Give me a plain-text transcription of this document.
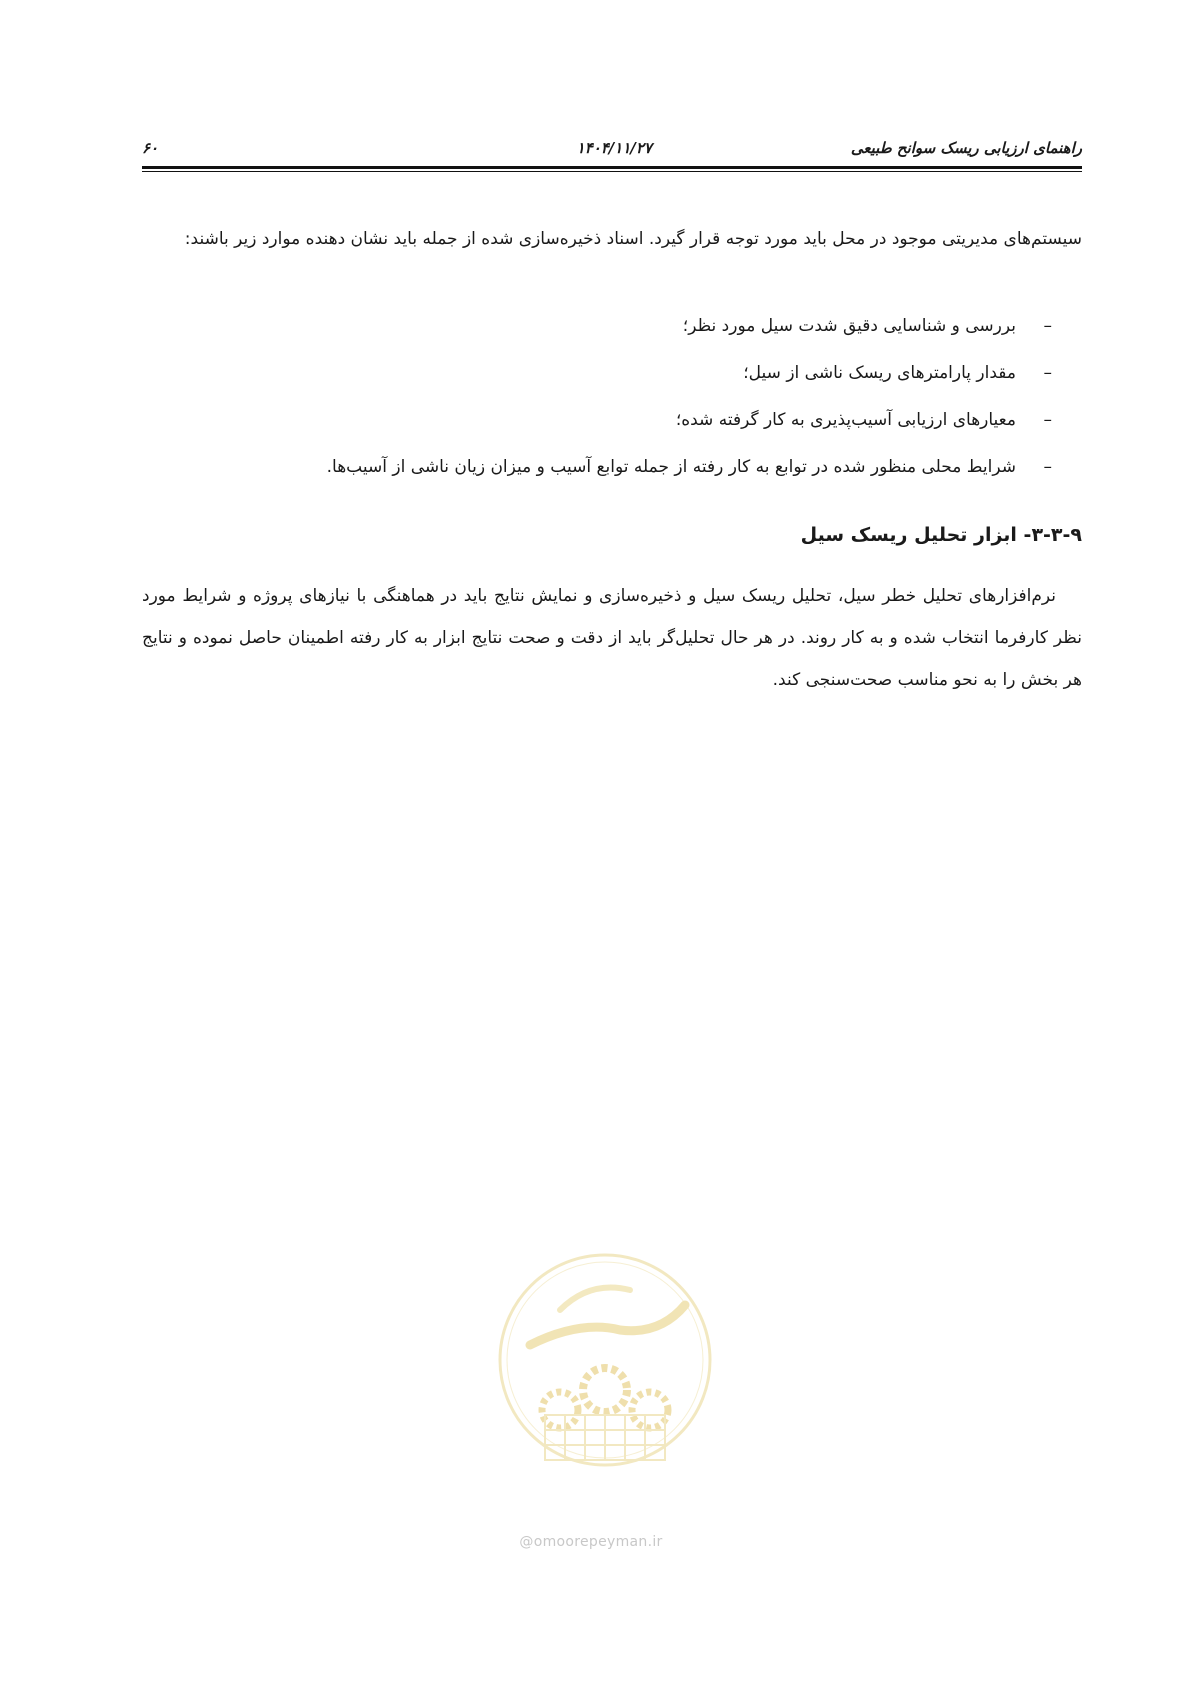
راهنمای ارزیابی ریسک سوانح طبیعی
۱۴۰۴/۱۱/۲۷
۶۰
سیستم‌های مدیریتی موجود در محل باید مورد توجه قرار گیرد. اسناد ذخیره‌سازی شده از جمله باید نشان دهنده موارد زیر باشند:
–
بررسی و شناسایی دقیق شدت سیل مورد نظر؛
–
مقدار پارامترهای ریسک ناشی از سیل؛
–
معیارهای ارزیابی آسیب‌پذیری به کار گرفته شده؛
–
شرایط محلی منظور شده در توابع به کار رفته از جمله توابع آسیب و میزان زیان ناشی از آسیب‌ها.
۳-۳-۹- ابزار تحلیل ریسک سیل
نرم‌افزارهای تحلیل خطر سیل، تحلیل ریسک سیل و ذخیره‌سازی و نمایش نتایج باید در هماهنگی با نیازهای پروژه و شرایط مورد نظر کارفرما انتخاب شده و به کار روند. در هر حال تحلیل‌گر باید از دقت و صحت نتایج ابزار به کار رفته اطمینان حاصل نموده و نتایج هر بخش را به نحو مناسب صحت‌سنجی کند.
@omoorepeyman.ir
